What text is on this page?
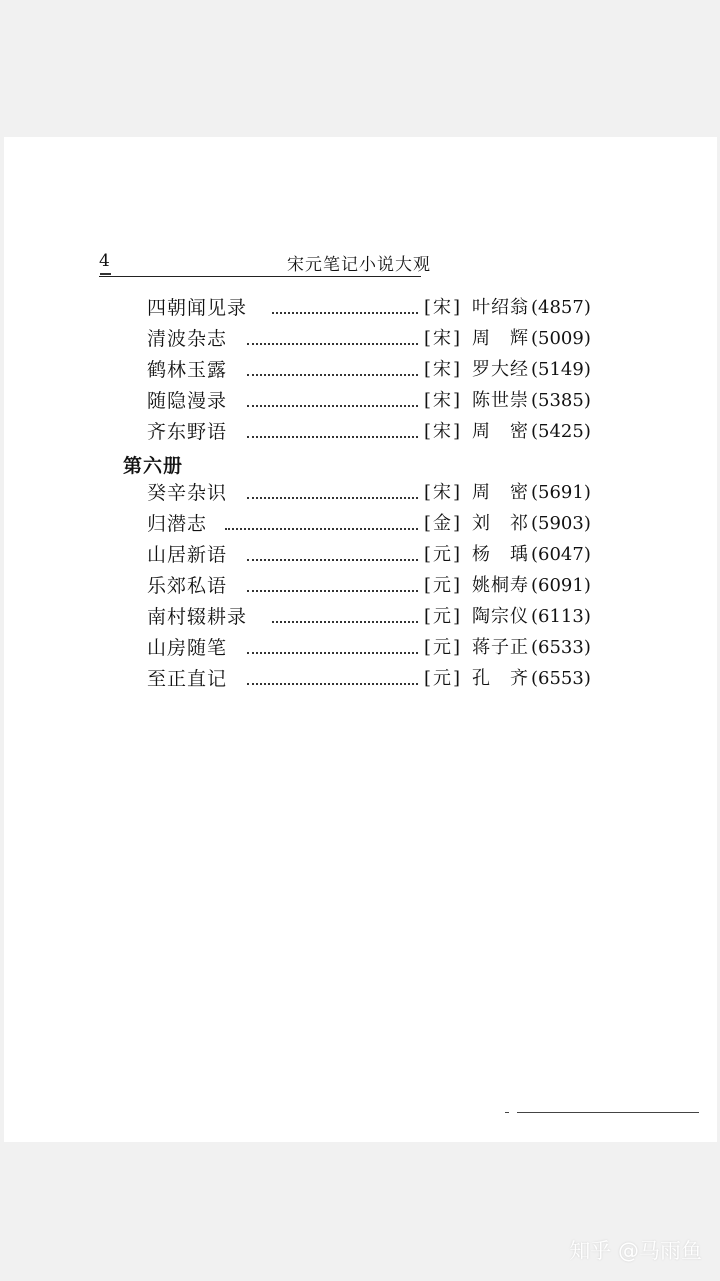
4	宋元笔记小说大观
四朝闻见录	[宋] 叶绍翁 (4857)
清波杂志	[宋] 周　辉 (5009)
鹤林玉露	[宋] 罗大经 (5149)
随隐漫录	[宋] 陈世崇 (5385)
齐东野语	[宋] 周　密 (5425)
第六册
癸辛杂识	[宋] 周　密 (5691)
归潜志	[金] 刘　祁 (5903)
山居新语	[元] 杨　瑀 (6047)
乐郊私语	[元] 姚桐寿 (6091)
南村辍耕录	[元] 陶宗仪 (6113)
山房随笔	[元] 蒋子正 (6533)
至正直记	[元] 孔　齐 (6553)
知乎 @马雨鱼
